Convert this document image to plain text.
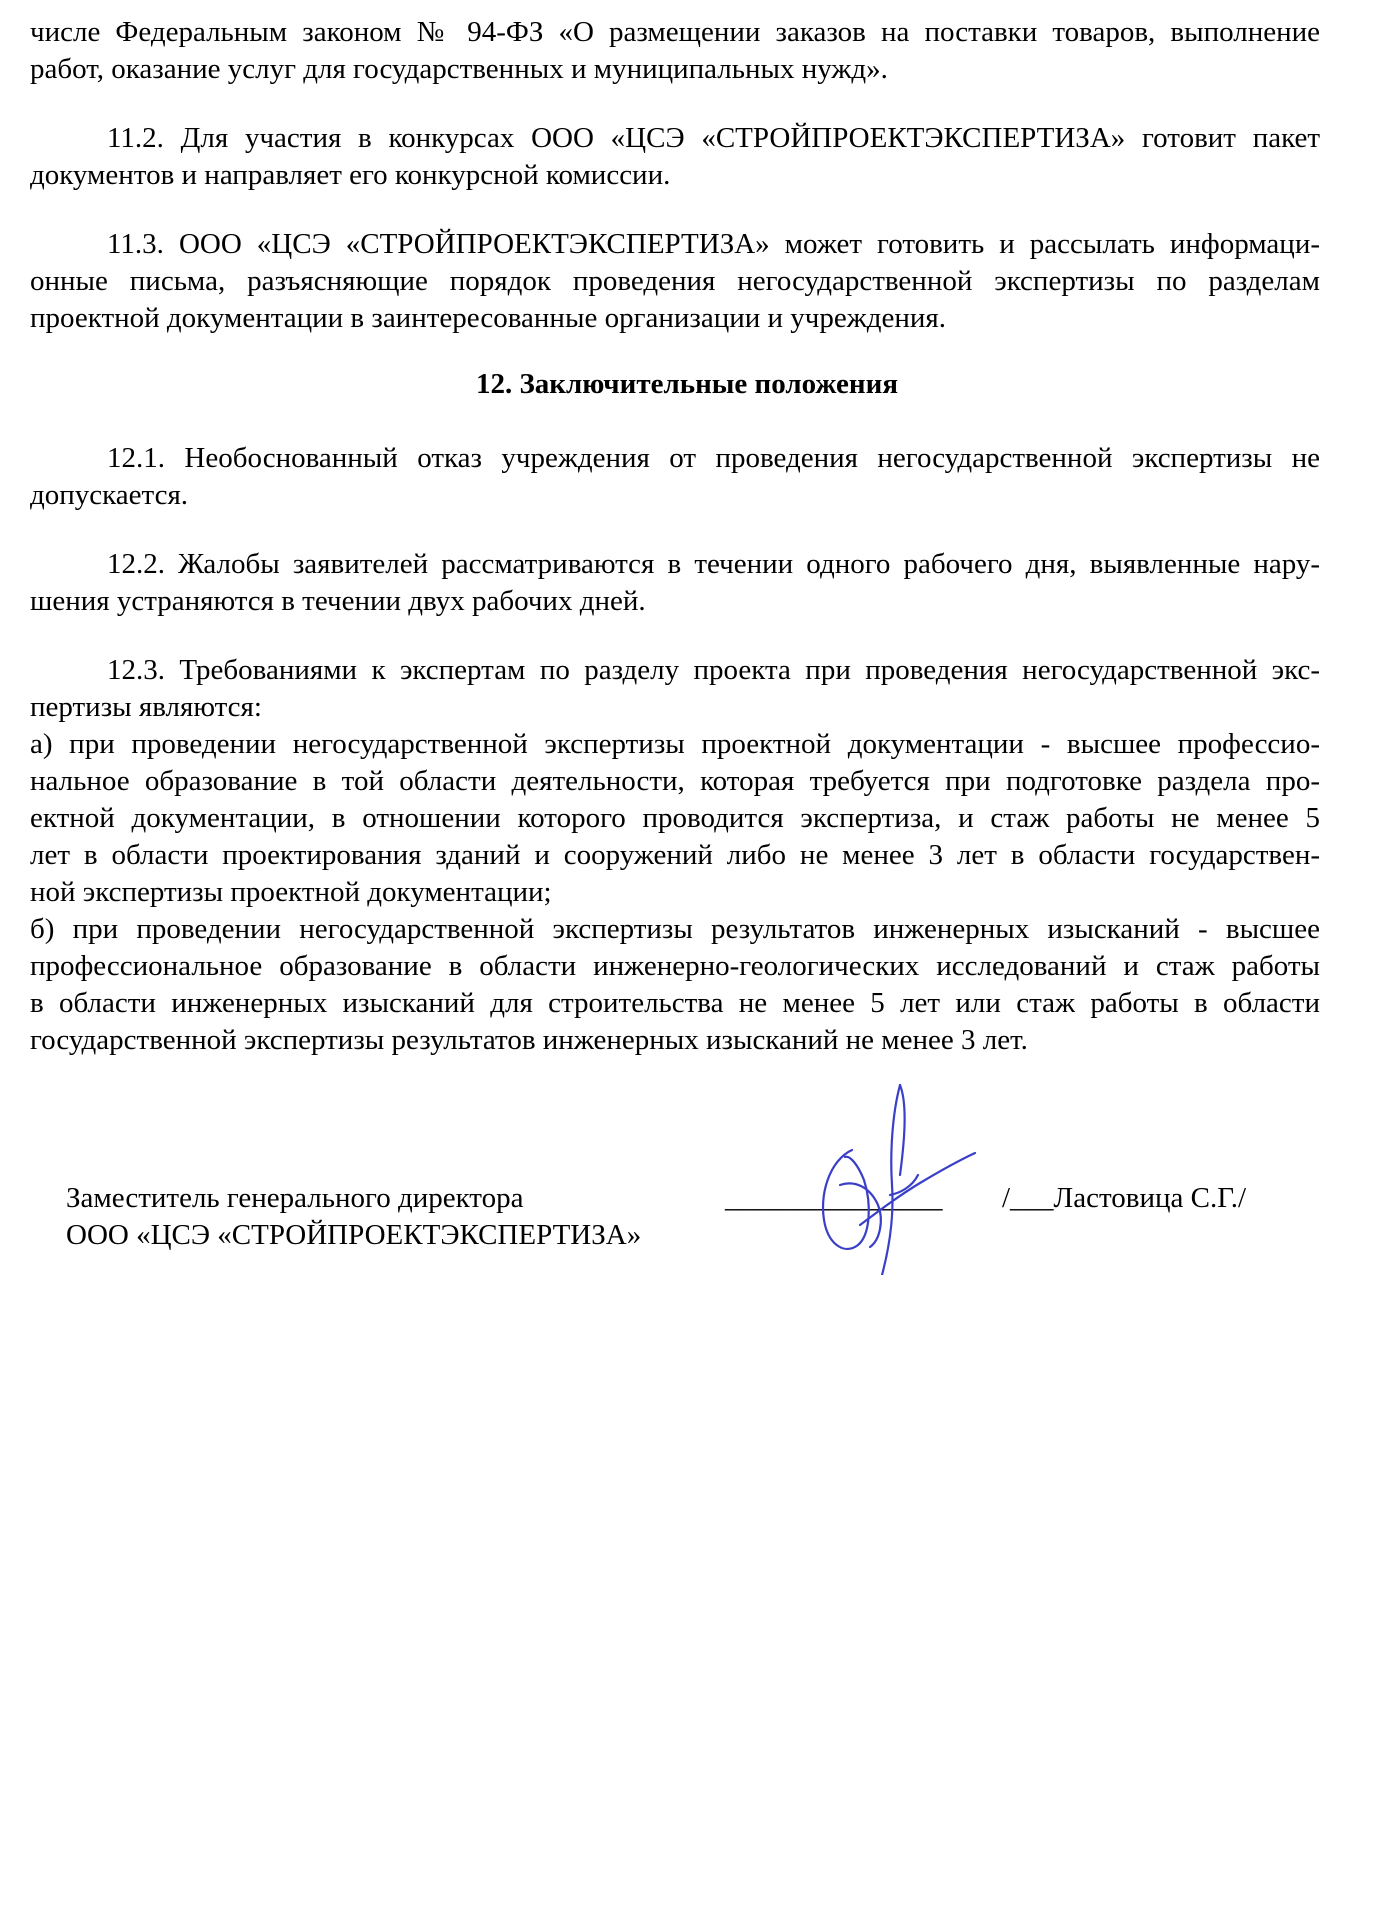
числе Федеральным законом № 94-ФЗ «О размещении заказов на поставки товаров, выполнение
работ, оказание услуг для государственных и муниципальных нужд».
11.2. Для участия в конкурсах ООО «ЦСЭ «СТРОЙПРОЕКТЭКСПЕРТИЗА» готовит пакет
документов и направляет его конкурсной комиссии.
11.3. ООО «ЦСЭ «СТРОЙПРОЕКТЭКСПЕРТИЗА» может готовить и рассылать информаци-
онные письма, разъясняющие порядок проведения негосударственной экспертизы по разделам
проектной документации в заинтересованные организации и учреждения.
12. Заключительные положения
12.1. Необоснованный отказ учреждения от проведения негосударственной экспертизы не
допускается.
12.2. Жалобы заявителей рассматриваются в течении одного рабочего дня, выявленные нару-
шения устраняются в течении двух рабочих дней.
12.3. Требованиями к экспертам по разделу проекта при проведения негосударственной экс-
пертизы являются:
а) при проведении негосударственной экспертизы проектной документации - высшее профессио-
нальное образование в той области деятельности, которая требуется при подготовке раздела про-
ектной документации, в отношении которого проводится экспертиза, и стаж работы не менее 5
лет в области проектирования зданий и сооружений либо не менее 3 лет в области государствен-
ной экспертизы проектной документации;
б) при проведении негосударственной экспертизы результатов инженерных изысканий - высшее
профессиональное образование в области инженерно-геологических исследований и стаж работы
в области инженерных изысканий для строительства не менее 5 лет или стаж работы в области
государственной экспертизы результатов инженерных изысканий не менее 3 лет.
Заместитель генерального директора
ООО «ЦСЭ «СТРОЙПРОЕКТЭКСПЕРТИЗА»
_______________ /___Ластовица С.Г./
